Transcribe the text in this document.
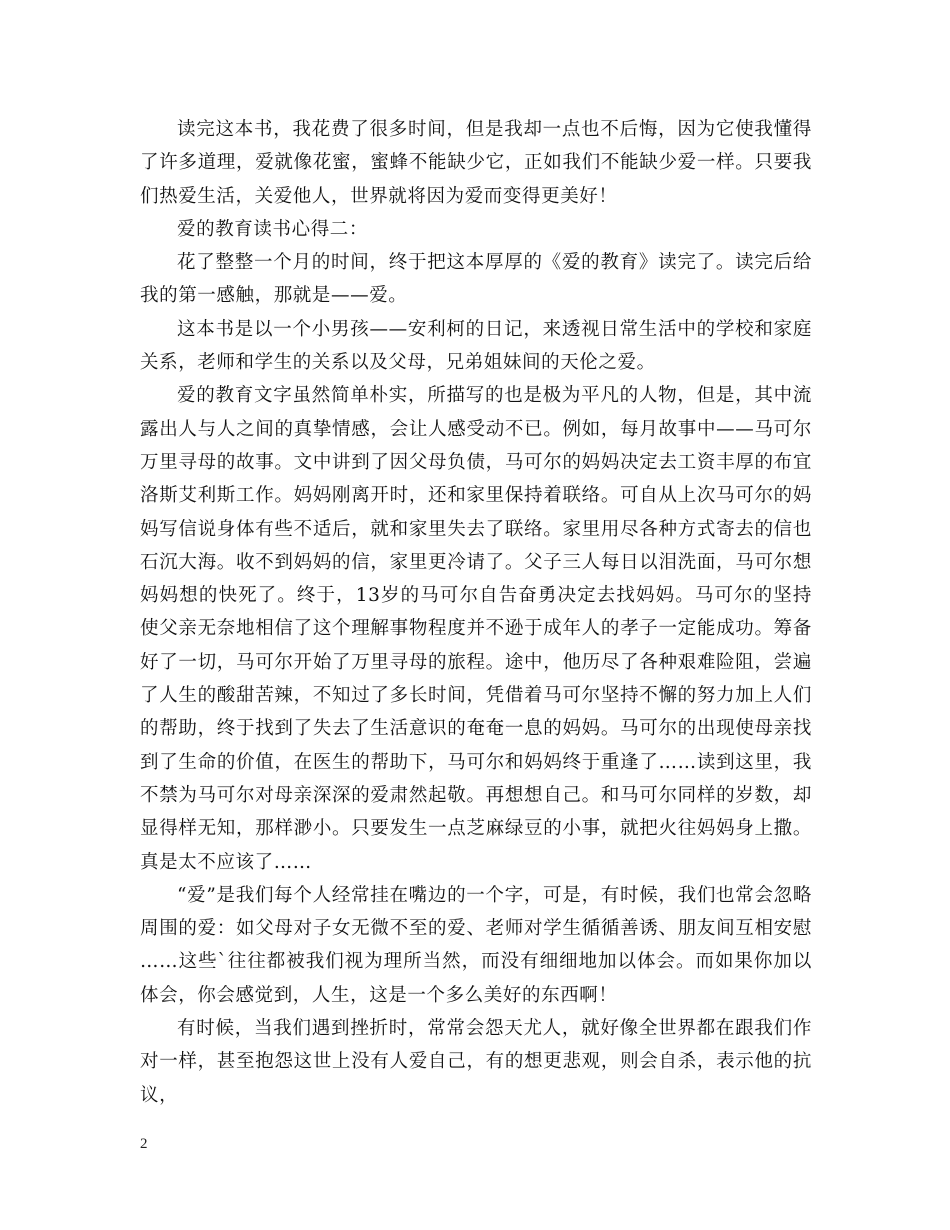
读完这本书，我花费了很多时间，但是我却一点也不后悔，因为它使我懂得了许多道理，爱就像花蜜，蜜蜂不能缺少它，正如我们不能缺少爱一样。只要我们热爱生活，关爱他人，世界就将因为爱而变得更美好！

爱的教育读书心得二：

花了整整一个月的时间，终于把这本厚厚的《爱的教育》读完了。读完后给我的第一感触，那就是——爱。

这本书是以一个小男孩——安利柯的日记，来透视日常生活中的学校和家庭关系，老师和学生的关系以及父母，兄弟姐妹间的天伦之爱。

爱的教育文字虽然简单朴实，所描写的也是极为平凡的人物，但是，其中流露出人与人之间的真挚情感，会让人感受动不已。例如，每月故事中——马可尔万里寻母的故事。文中讲到了因父母负债，马可尔的妈妈决定去工资丰厚的布宜洛斯艾利斯工作。妈妈刚离开时，还和家里保持着联络。可自从上次马可尔的妈妈写信说身体有些不适后，就和家里失去了联络。家里用尽各种方式寄去的信也石沉大海。收不到妈妈的信，家里更冷请了。父子三人每日以泪洗面，马可尔想妈妈想的快死了。终于，13岁的马可尔自告奋勇决定去找妈妈。马可尔的坚持使父亲无奈地相信了这个理解事物程度并不逊于成年人的孝子一定能成功。筹备好了一切，马可尔开始了万里寻母的旅程。途中，他历尽了各种艰难险阻，尝遍了人生的酸甜苦辣，不知过了多长时间，凭借着马可尔坚持不懈的努力加上人们的帮助，终于找到了失去了生活意识的奄奄一息的妈妈。马可尔的出现使母亲找到了生命的价值，在医生的帮助下，马可尔和妈妈终于重逢了……读到这里，我不禁为马可尔对母亲深深的爱肃然起敬。再想想自己。和马可尔同样的岁数，却显得样无知，那样渺小。只要发生一点芝麻绿豆的小事，就把火往妈妈身上撒。真是太不应该了……

“爱”是我们每个人经常挂在嘴边的一个字，可是，有时候，我们也常会忽略周围的爱：如父母对子女无微不至的爱、老师对学生循循善诱、朋友间互相安慰……这些`往往都被我们视为理所当然，而没有细细地加以体会。而如果你加以体会，你会感觉到，人生，这是一个多么美好的东西啊！

有时候，当我们遇到挫折时，常常会怨天尤人，就好像全世界都在跟我们作对一样，甚至抱怨这世上没有人爱自己，有的想更悲观，则会自杀，表示他的抗议，

2
